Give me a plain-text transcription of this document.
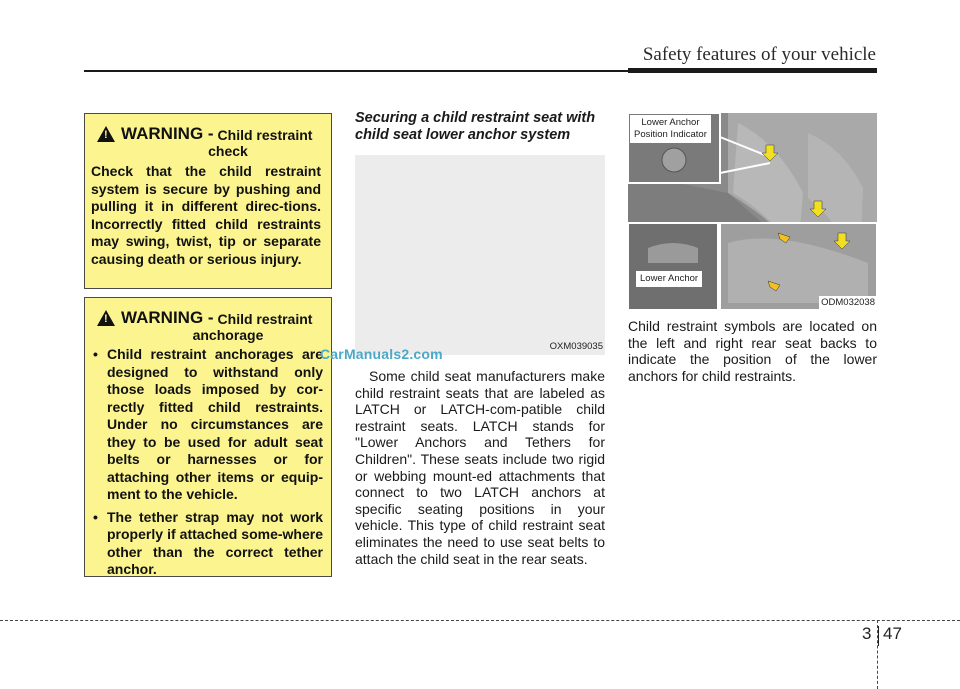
Safety features of your vehicle
!
WARNING - Child restraint
check
Check that the child restraint system is secure by pushing and pulling it in different direc-tions. Incorrectly fitted child restraints may swing, twist, tip or separate causing death or serious injury.
!
WARNING - Child restraint
anchorage
• Child restraint anchorages are designed to withstand only those loads imposed by cor-rectly fitted child restraints. Under no circumstances are they to be used for adult seat belts or harnesses or for attaching other items or equip-ment to the vehicle.
• The tether strap may not work properly if attached some-where other than the correct tether anchor.
Securing a child restraint seat with child seat lower anchor system
OXM039035
CarManuals2.com
Some child seat manufacturers make child restraint seats that are labeled as LATCH or LATCH-com-patible child restraint seats. LATCH stands for "Lower Anchors and Tethers for Children". These seats include two rigid or webbing mount-ed attachments that connect to two LATCH anchors at specific seating positions in your vehicle. This type of child restraint seat eliminates the need to use seat belts to attach the child seat in the rear seats.
Lower Anchor
Position Indicator
Lower Anchor
ODM032038
Child restraint symbols are located on the left and right rear seat backs to indicate the position of the lower anchors for child restraints.
3 47
